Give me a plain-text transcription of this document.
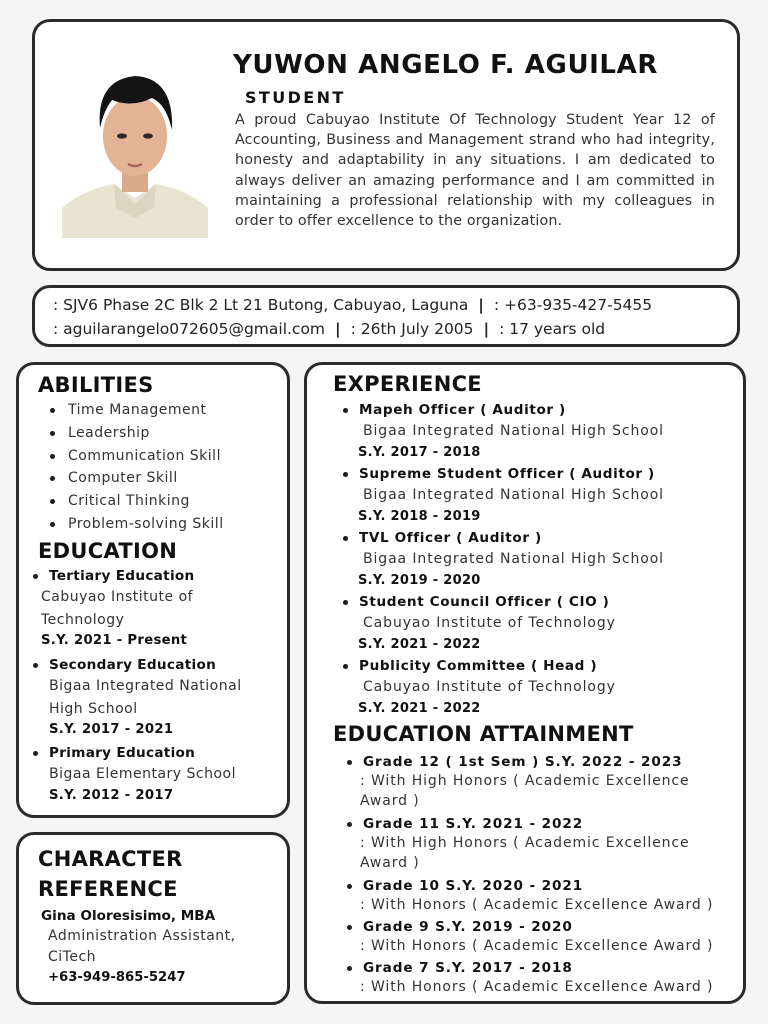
YUWON ANGELO F. AGUILAR
STUDENT
A proud Cabuyao Institute Of Technology Student Year 12 of Accounting, Business and Management strand who had integrity, honesty and adaptability in any situations. I am dedicated to always deliver an amazing performance and I am committed in maintaining a professional relationship with my colleagues in order to offer excellence to the organization.
: SJV6 Phase 2C Blk 2 Lt 21 Butong, Cabuyao, Laguna | : +63-935-427-5455
: aguilarangelo072605@gmail.com | : 26th July 2005 | : 17 years old
ABILITIES
Time Management
Leadership
Communication Skill
Computer Skill
Critical Thinking
Problem-solving Skill
EDUCATION
Tertiary Education
Cabuyao Institute of Technology
S.Y. 2021 - Present
Secondary Education
Bigaa Integrated National High School
S.Y. 2017 - 2021
Primary Education
Bigaa Elementary School
S.Y. 2012 - 2017
CHARACTER
REFERENCE
Gina Oloresisimo, MBA
Administration Assistant, CiTech
+63-949-865-5247
EXPERIENCE
Mapeh Officer ( Auditor )
Bigaa Integrated National High School
S.Y. 2017 - 2018
Supreme Student Officer ( Auditor )
Bigaa Integrated National High School
S.Y. 2018 - 2019
TVL Officer ( Auditor )
Bigaa Integrated National High School
S.Y. 2019 - 2020
Student Council Officer ( CIO )
Cabuyao Institute of Technology
S.Y. 2021 - 2022
Publicity Committee ( Head )
Cabuyao Institute of Technology
S.Y. 2021 - 2022
EDUCATION ATTAINMENT
Grade 12 ( 1st Sem ) S.Y. 2022 - 2023
: With High Honors ( Academic Excellence Award )
Grade 11 S.Y. 2021 - 2022
: With High Honors ( Academic Excellence Award )
Grade 10 S.Y. 2020 - 2021
: With Honors ( Academic Excellence Award )
Grade 9 S.Y. 2019 - 2020
: With Honors ( Academic Excellence Award )
Grade 7 S.Y. 2017 - 2018
: With Honors ( Academic Excellence Award )
